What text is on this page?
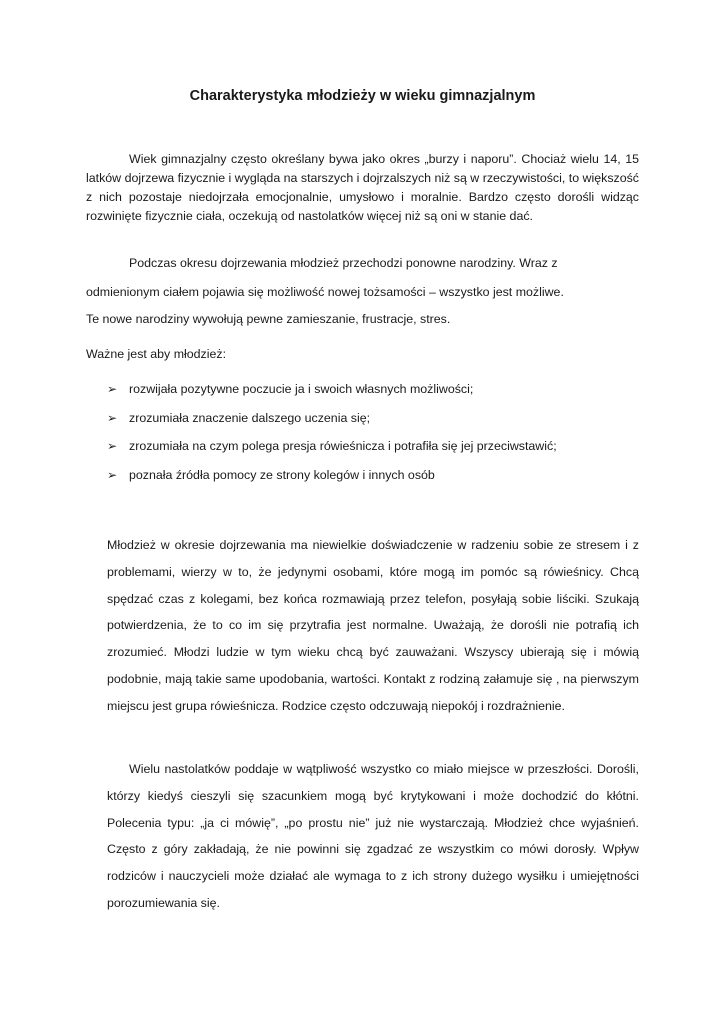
Charakterystyka młodzieży w wieku gimnazjalnym

Wiek gimnazjalny często określany bywa jako okres „burzy i naporu”. Chociaż wielu 14, 15 latków dojrzewa fizycznie i wygląda na starszych i dojrzalszych niż są w rzeczywistości, to większość z nich pozostaje niedojrzała emocjonalnie, umysłowo i moralnie. Bardzo często dorośli widząc rozwinięte fizycznie ciała, oczekują od nastolatków więcej niż są oni w stanie dać.

Podczas okresu dojrzewania młodzież przechodzi ponowne narodziny. Wraz z

odmienionym ciałem pojawia się możliwość nowej tożsamości – wszystko jest możliwe.

Te nowe narodziny wywołują pewne zamieszanie, frustracje, stres.

Ważne jest aby młodzież:

➢ rozwijała pozytywne poczucie ja i swoich własnych możliwości;
➢ zrozumiała znaczenie dalszego uczenia się;
➢ zrozumiała na czym polega presja rówieśnicza i potrafiła się jej przeciwstawić;
➢ poznała źródła pomocy ze strony kolegów i innych osób

Młodzież w okresie dojrzewania ma niewielkie doświadczenie w radzeniu sobie ze stresem i z problemami, wierzy w to, że jedynymi osobami, które mogą im pomóc są rówieśnicy. Chcą spędzać czas z kolegami, bez końca rozmawiają przez telefon, posyłają sobie liściki. Szukają potwierdzenia, że to co im się przytrafia jest normalne. Uważają, że dorośli nie potrafią ich zrozumieć. Młodzi ludzie w tym wieku chcą być zauważani. Wszyscy ubierają się i mówią podobnie, mają takie same upodobania, wartości. Kontakt z rodziną załamuje się , na pierwszym miejscu jest grupa rówieśnicza. Rodzice często odczuwają niepokój i rozdrażnienie.

Wielu nastolatków poddaje w wątpliwość wszystko co miało miejsce w przeszłości. Dorośli, którzy kiedyś cieszyli się szacunkiem mogą być krytykowani i może dochodzić do kłótni. Polecenia typu: „ja ci mówię”, „po prostu nie” już nie wystarczają. Młodzież chce wyjaśnień. Często z góry zakładają, że nie powinni się zgadzać ze wszystkim co mówi dorosły. Wpływ rodziców i nauczycieli może działać ale wymaga to z ich strony dużego wysiłku i umiejętności porozumiewania się.
